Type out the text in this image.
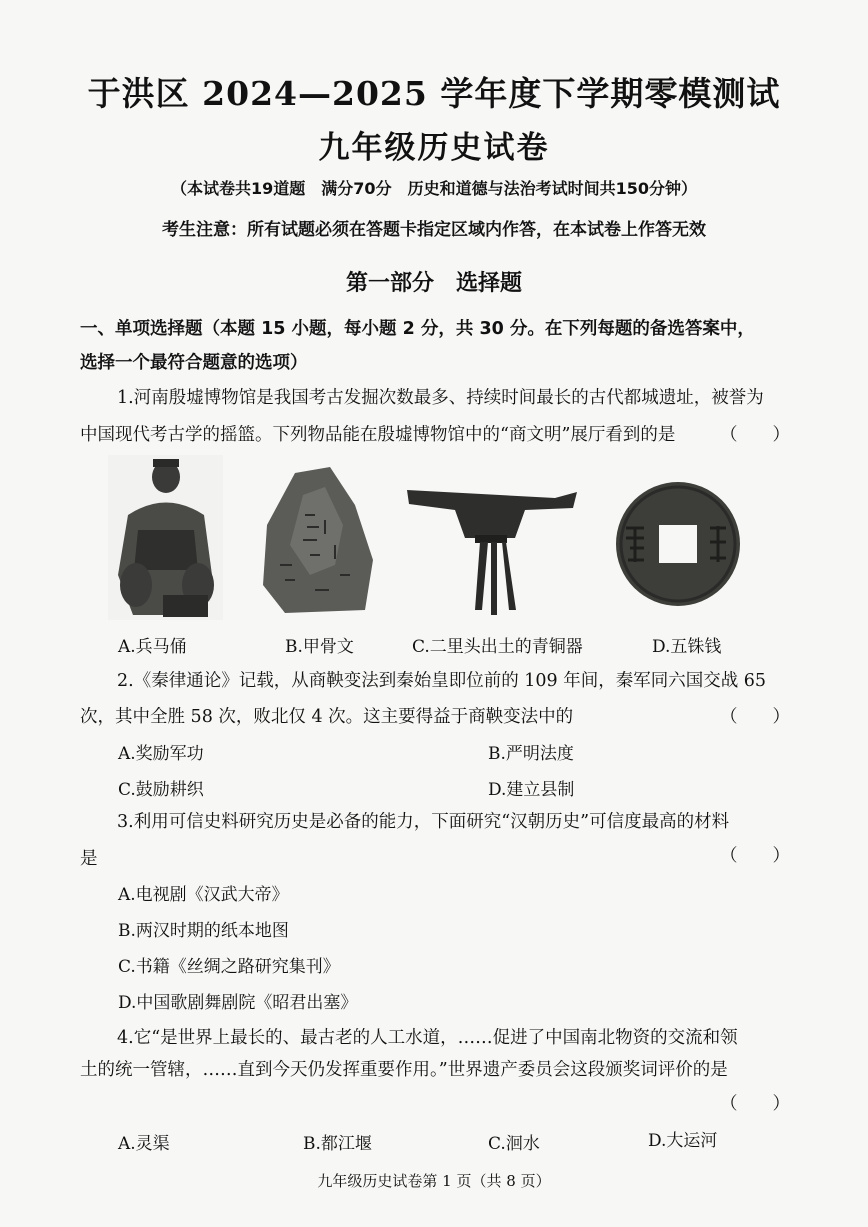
于洪区 2024—2025 学年度下学期零模测试
九年级历史试卷
（本试卷共19道题　满分70分　历史和道德与法治考试时间共150分钟）
考生注意：所有试题必须在答题卡指定区域内作答，在本试卷上作答无效
第一部分　选择题
一、单项选择题（本题 15 小题，每小题 2 分，共 30 分。在下列每题的备选答案中，
选择一个最符合题意的选项）
1.河南殷墟博物馆是我国考古发掘次数最多、持续时间最长的古代都城遗址，被誉为
中国现代考古学的摇篮。下列物品能在殷墟博物馆中的“商文明”展厅看到的是	（　　）
A.兵马俑	B.甲骨文	C.二里头出土的青铜器	D.五铢钱
2.《秦律通论》记载，从商鞅变法到秦始皇即位前的 109 年间，秦军同六国交战 65
次，其中全胜 58 次，败北仅 4 次。这主要得益于商鞅变法中的	（　　）
A.奖励军功	B.严明法度
C.鼓励耕织	D.建立县制
3.利用可信史料研究历史是必备的能力，下面研究“汉朝历史”可信度最高的材料
是	（　　）
A.电视剧《汉武大帝》
B.两汉时期的纸本地图
C.书籍《丝绸之路研究集刊》
D.中国歌剧舞剧院《昭君出塞》
4.它“是世界上最长的、最古老的人工水道，……促进了中国南北物资的交流和领
土的统一管辖，……直到今天仍发挥重要作用。”世界遗产委员会这段颁奖词评价的是
（　　）
A.灵渠	B.都江堰	C.洄水	D.大运河
九年级历史试卷第 1 页（共 8 页）
